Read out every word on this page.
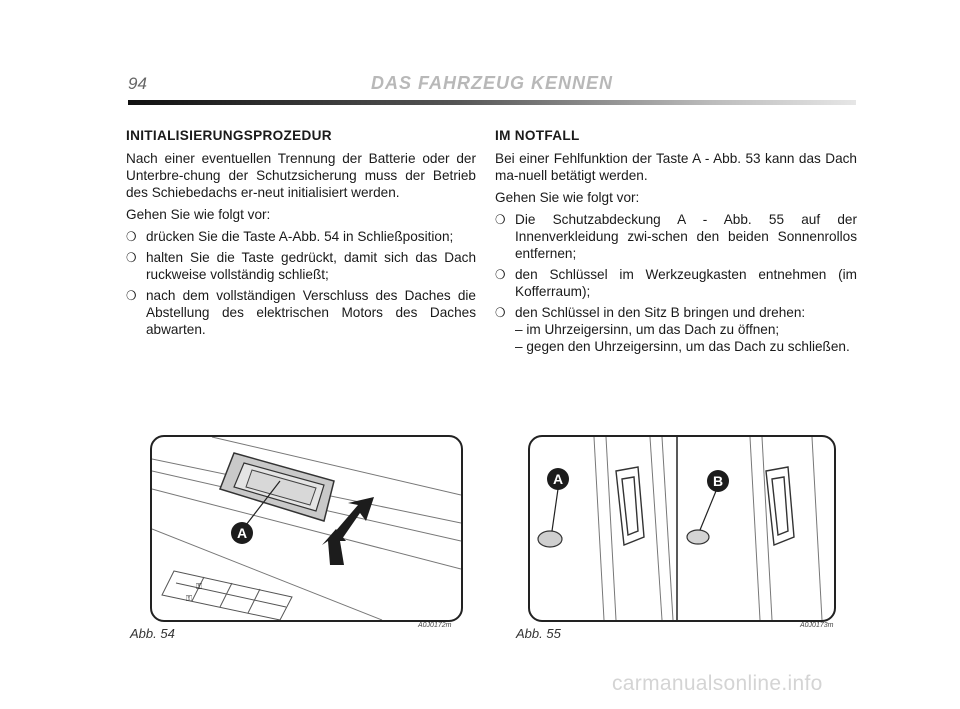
94	DAS FAHRZEUG KENNEN
INITIALISIERUNGSPROZEDUR

Nach einer eventuellen Trennung der Batterie oder der Unterbre-chung der Schutzsicherung muss der Betrieb des Schiebedachs er-neut initialisiert werden.

Gehen Sie wie folgt vor:

❍ drücken Sie die Taste A-Abb. 54 in Schließposition;
❍ halten Sie die Taste gedrückt, damit sich das Dach ruckweise vollständig schließt;
❍ nach dem vollständigen Verschluss des Daches die Abstellung des elektrischen Motors des Daches abwarten.
IM NOTFALL

Bei einer Fehlfunktion der Taste A - Abb. 53 kann das Dach ma-nuell betätigt werden.

Gehen Sie wie folgt vor:

❍ Die Schutzabdeckung A - Abb. 55 auf der Innenverkleidung zwi-schen den beiden Sonnenrollos entfernen;
❍ den Schlüssel im Werkzeugkasten entnehmen (im Kofferraum);
❍ den Schlüssel in den Sitz B bringen und drehen:
– im Uhrzeigersinn, um das Dach zu öffnen;
– gegen den Uhrzeigersinn, um das Dach zu schließen.
⚿
⚿
A
A	B
Abb. 54
A0J0172m
Abb. 55
A0J0173m
carmanualsonline.info
